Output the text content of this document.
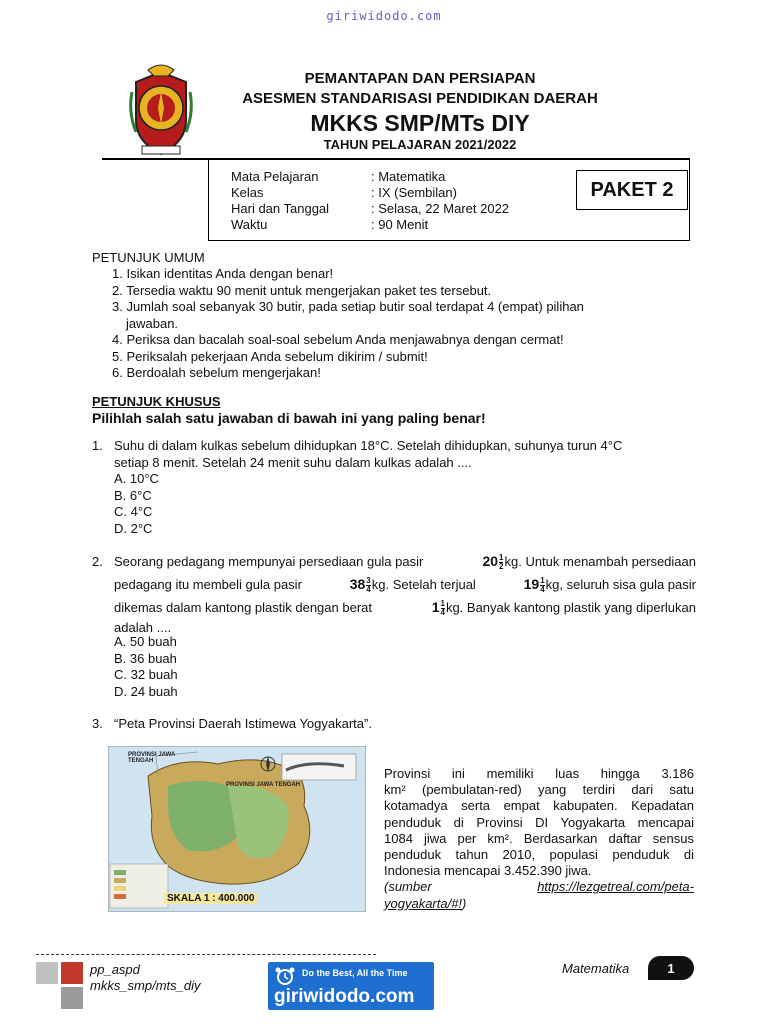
giriwidodo.com
PEMANTAPAN DAN PERSIAPAN
ASESMEN STANDARISASI PENDIDIKAN DAERAH
MKKS SMP/MTs DIY
TAHUN PELAJARAN 2021/2022
Mata Pelajaran	: Matematika
Kelas	: IX (Sembilan)
Hari dan Tanggal	: Selasa, 22 Maret 2022
Waktu	: 90 Menit
PAKET 2
PETUNJUK UMUM
1. Isikan identitas Anda dengan benar!
2. Tersedia waktu 90 menit untuk mengerjakan paket tes tersebut.
3. Jumlah soal sebanyak 30 butir, pada setiap butir soal terdapat 4 (empat) pilihan
jawaban.
4. Periksa dan bacalah soal-soal sebelum Anda menjawabnya dengan cermat!
5. Periksalah pekerjaan Anda sebelum dikirim / submit!
6. Berdoalah sebelum mengerjakan!
PETUNJUK KHUSUS
Pilihlah salah satu jawaban di bawah ini yang paling benar!
1. Suhu di dalam kulkas sebelum dihidupkan 18°C. Setelah dihidupkan, suhunya turun 4°C
setiap 8 menit. Setelah 24 menit suhu dalam kulkas adalah ....
A. 10°C
B. 6°C
C. 4°C
D. 2°C
2. Seorang pedagang mempunyai persediaan gula pasir	$20 \frac{1}{2}$ kg. Untuk menambah persediaan
pedagang itu membeli gula pasir	$38 \frac{3}{4}$ kg. Setelah terjual	$19 \frac{1}{4}$ kg, seluruh sisa gula pasir
dikemas dalam kantong plastik dengan berat	$1 \frac{1}{4}$ kg. Banyak kantong plastik yang diperlukan
adalah ....
A. 50 buah
B. 36 buah
C. 32 buah
D. 24 buah
3. “Peta Provinsi Daerah Istimewa Yogyakarta”.
PROVINSI JAWA TENGAH
PROVINSI JAWA TENGAH
SKALA 1 : 400.000
Provinsi ini memiliki luas hingga 3.186
km² (pembulatan-red) yang terdiri dari satu
kotamadya serta empat kabupaten. Kepadatan
penduduk di Provinsi DI Yogyakarta mencapai
1084 jiwa per km². Berdasarkan daftar sensus
penduduk tahun 2010, populasi penduduk di
Indonesia mencapai 3.452.390 jiwa.
(sumber	https://lezgetreal.com/peta-
yogyakarta/#!)
pp_aspd
mkks_smp/mts_diy
Do the Best, All the Time
giriwidodo.com
Matematika	1
